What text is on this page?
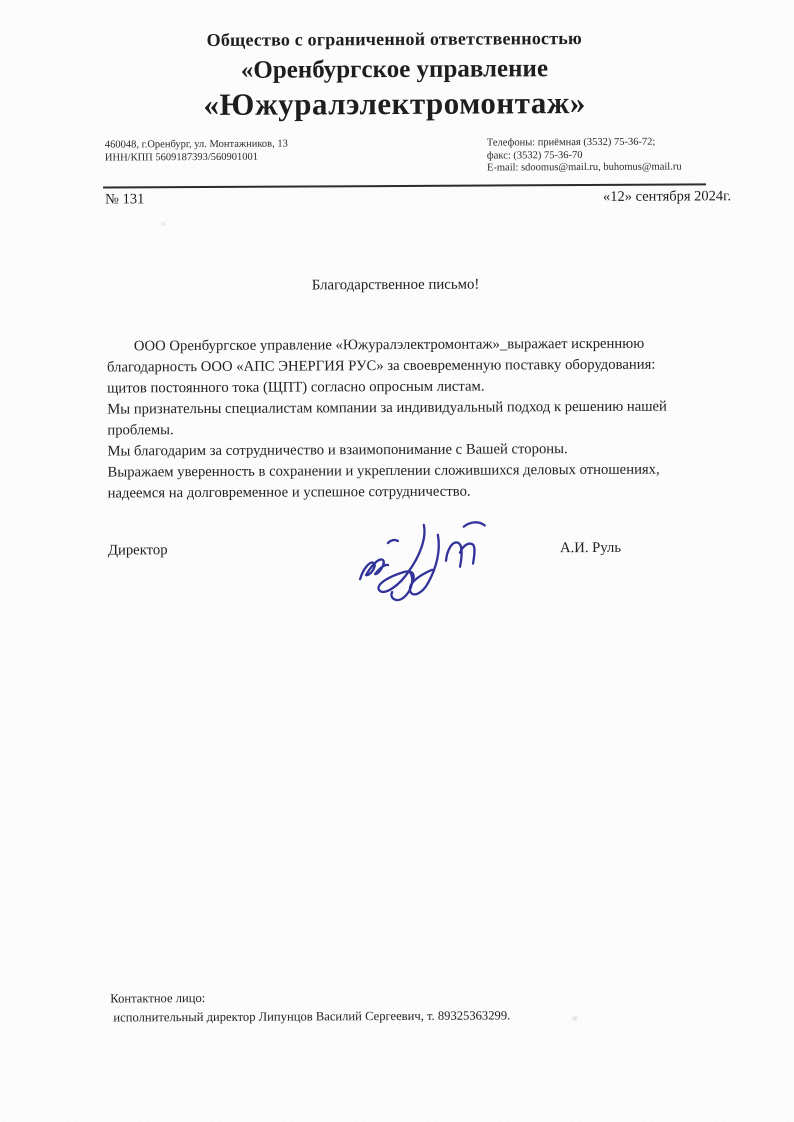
Общество с ограниченной ответственностью
«Оренбургское управление
«Южуралэлектромонтаж»
460048, г.Оренбург, ул. Монтажников, 13
ИНН/КПП 5609187393/560901001
Телефоны: приёмная (3532) 75-36-72;
факс: (3532) 75-36-70
E-mail: sdoomus@mail.ru, buhomus@mail.ru
№ 131	«12» сентября 2024г.
Благодарственное письмо!
ООО Оренбургское управление «Южуралэлектромонтаж»_выражает искреннюю
благодарность ООО «АПС ЭНЕРГИЯ РУС» за своевременную поставку оборудования:
щитов постоянного тока (ЩПТ) согласно опросным листам.
Мы признательны специалистам компании за индивидуальный подход к решению нашей
проблемы.
Мы благодарим за сотрудничество и взаимопонимание с Вашей стороны.
Выражаем уверенность в сохранении и укреплении сложившихся деловых отношениях,
надеемся на долговременное и успешное сотрудничество.
Директор	А.И. Руль
Контактное лицо:
исполнительный директор Липунцов Василий Сергеевич, т. 89325363299.
